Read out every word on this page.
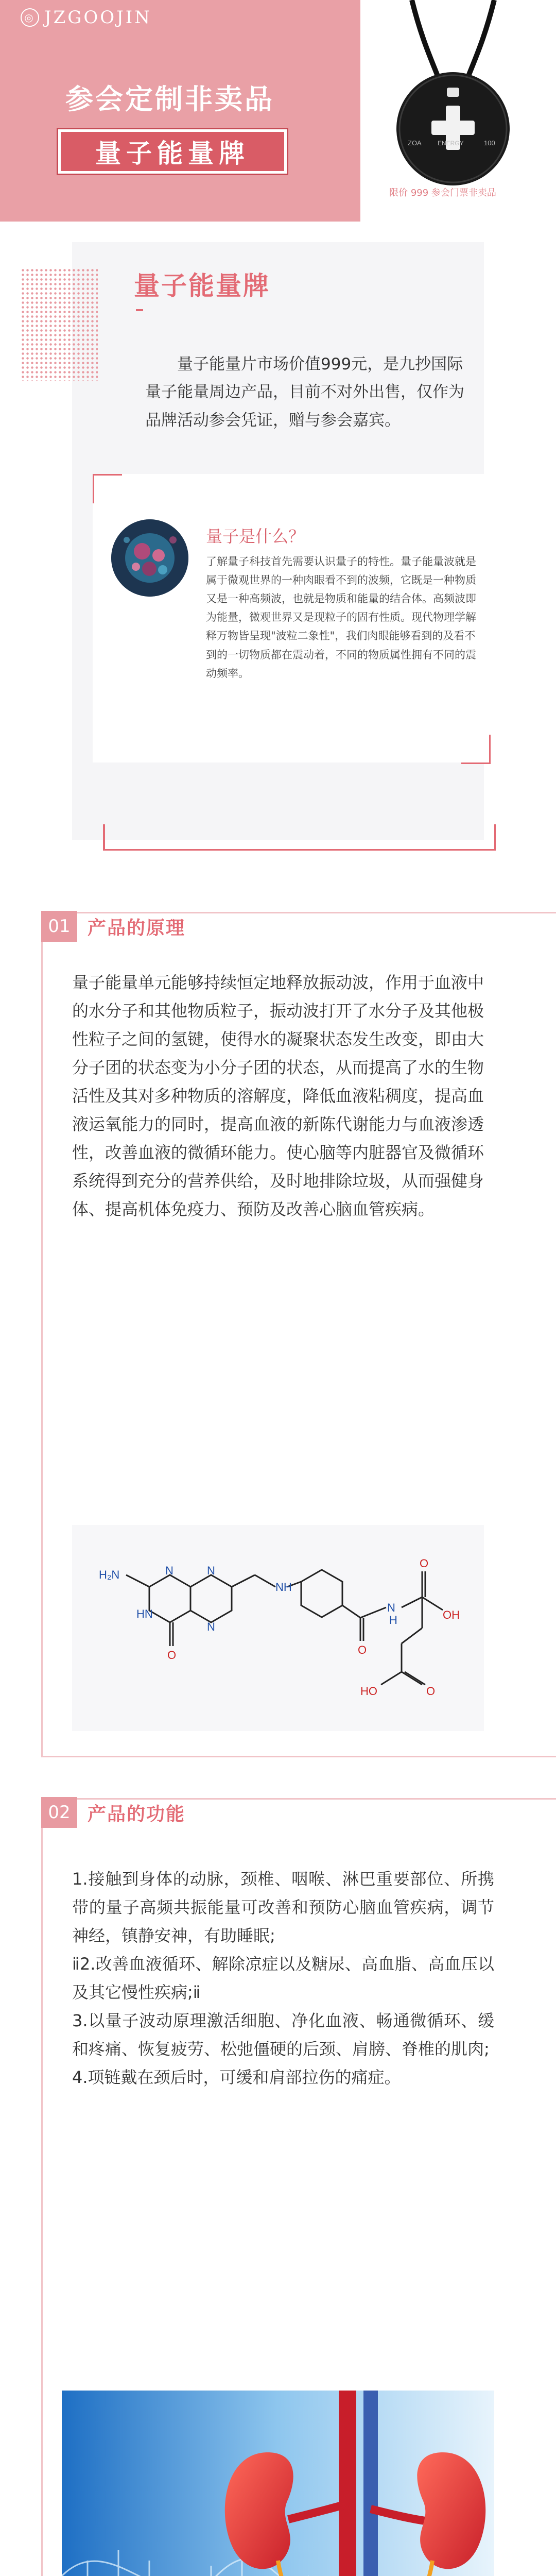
◎ JZGOOJIN
参会定制非卖品
量子能量牌	ZOA	ENERGY	100
限价 999 参会门票非卖品
量子能量牌
量子能量片市场价值999元，是九抄国际量子能量周边产品，目前不对外出售，仅作为品牌活动参会凭证，赠与参会嘉宾。
量子是什么？
了解量子科技首先需要认识量子的特性。量子能量波就是属于微观世界的一种肉眼看不到的波频，它既是一种物质又是一种高频波，也就是物质和能量的结合体。高频波即为能量，微观世界又是现粒子的固有性质。现代物理学解释万物皆呈现"波粒二象性"，我们肉眼能够看到的及看不到的一切物质都在震动着，不同的物质属性拥有不同的震动频率。
01 产品的原理
量子能量单元能够持续恒定地释放振动波，作用于血液中的水分子和其他物质粒子，振动波打开了水分子及其他极性粒子之间的氢键，使得水的凝聚状态发生改变，即由大分子团的状态变为小分子团的状态，从而提高了水的生物活性及其对多种物质的溶解度，降低血液粘稠度，提高血液运氧能力的同时，提高血液的新陈代谢能力与血液渗透性，改善血液的微循环能力。使心脑等内脏器官及微循环系统得到充分的营养供给，及时地排除垃圾，从而强健身体、提高机体免疫力、预防及改善心脑血管疾病。
H₂N	N	N
N
HN
NH
N
H
O	O
O
OH
HO	O
02 产品的功能

1.接触到身体的动脉，颈椎、咽喉、淋巴重要部位、所携带的量子高频共振能量可改善和预防心脑血管疾病，调节神经，镇静安神，有助睡眠;

ⅱ2.改善血液循环、解除凉症以及糖尿、高血脂、高血压以及其它慢性疾病;ⅱ

3.以量子波动原理激活细胞、净化血液、畅通微循环、缓和疼痛、恢复疲劳、松弛僵硬的后颈、肩膀、脊椎的肌肉;

4.项链戴在颈后时，可缓和肩部拉伤的痛症。
